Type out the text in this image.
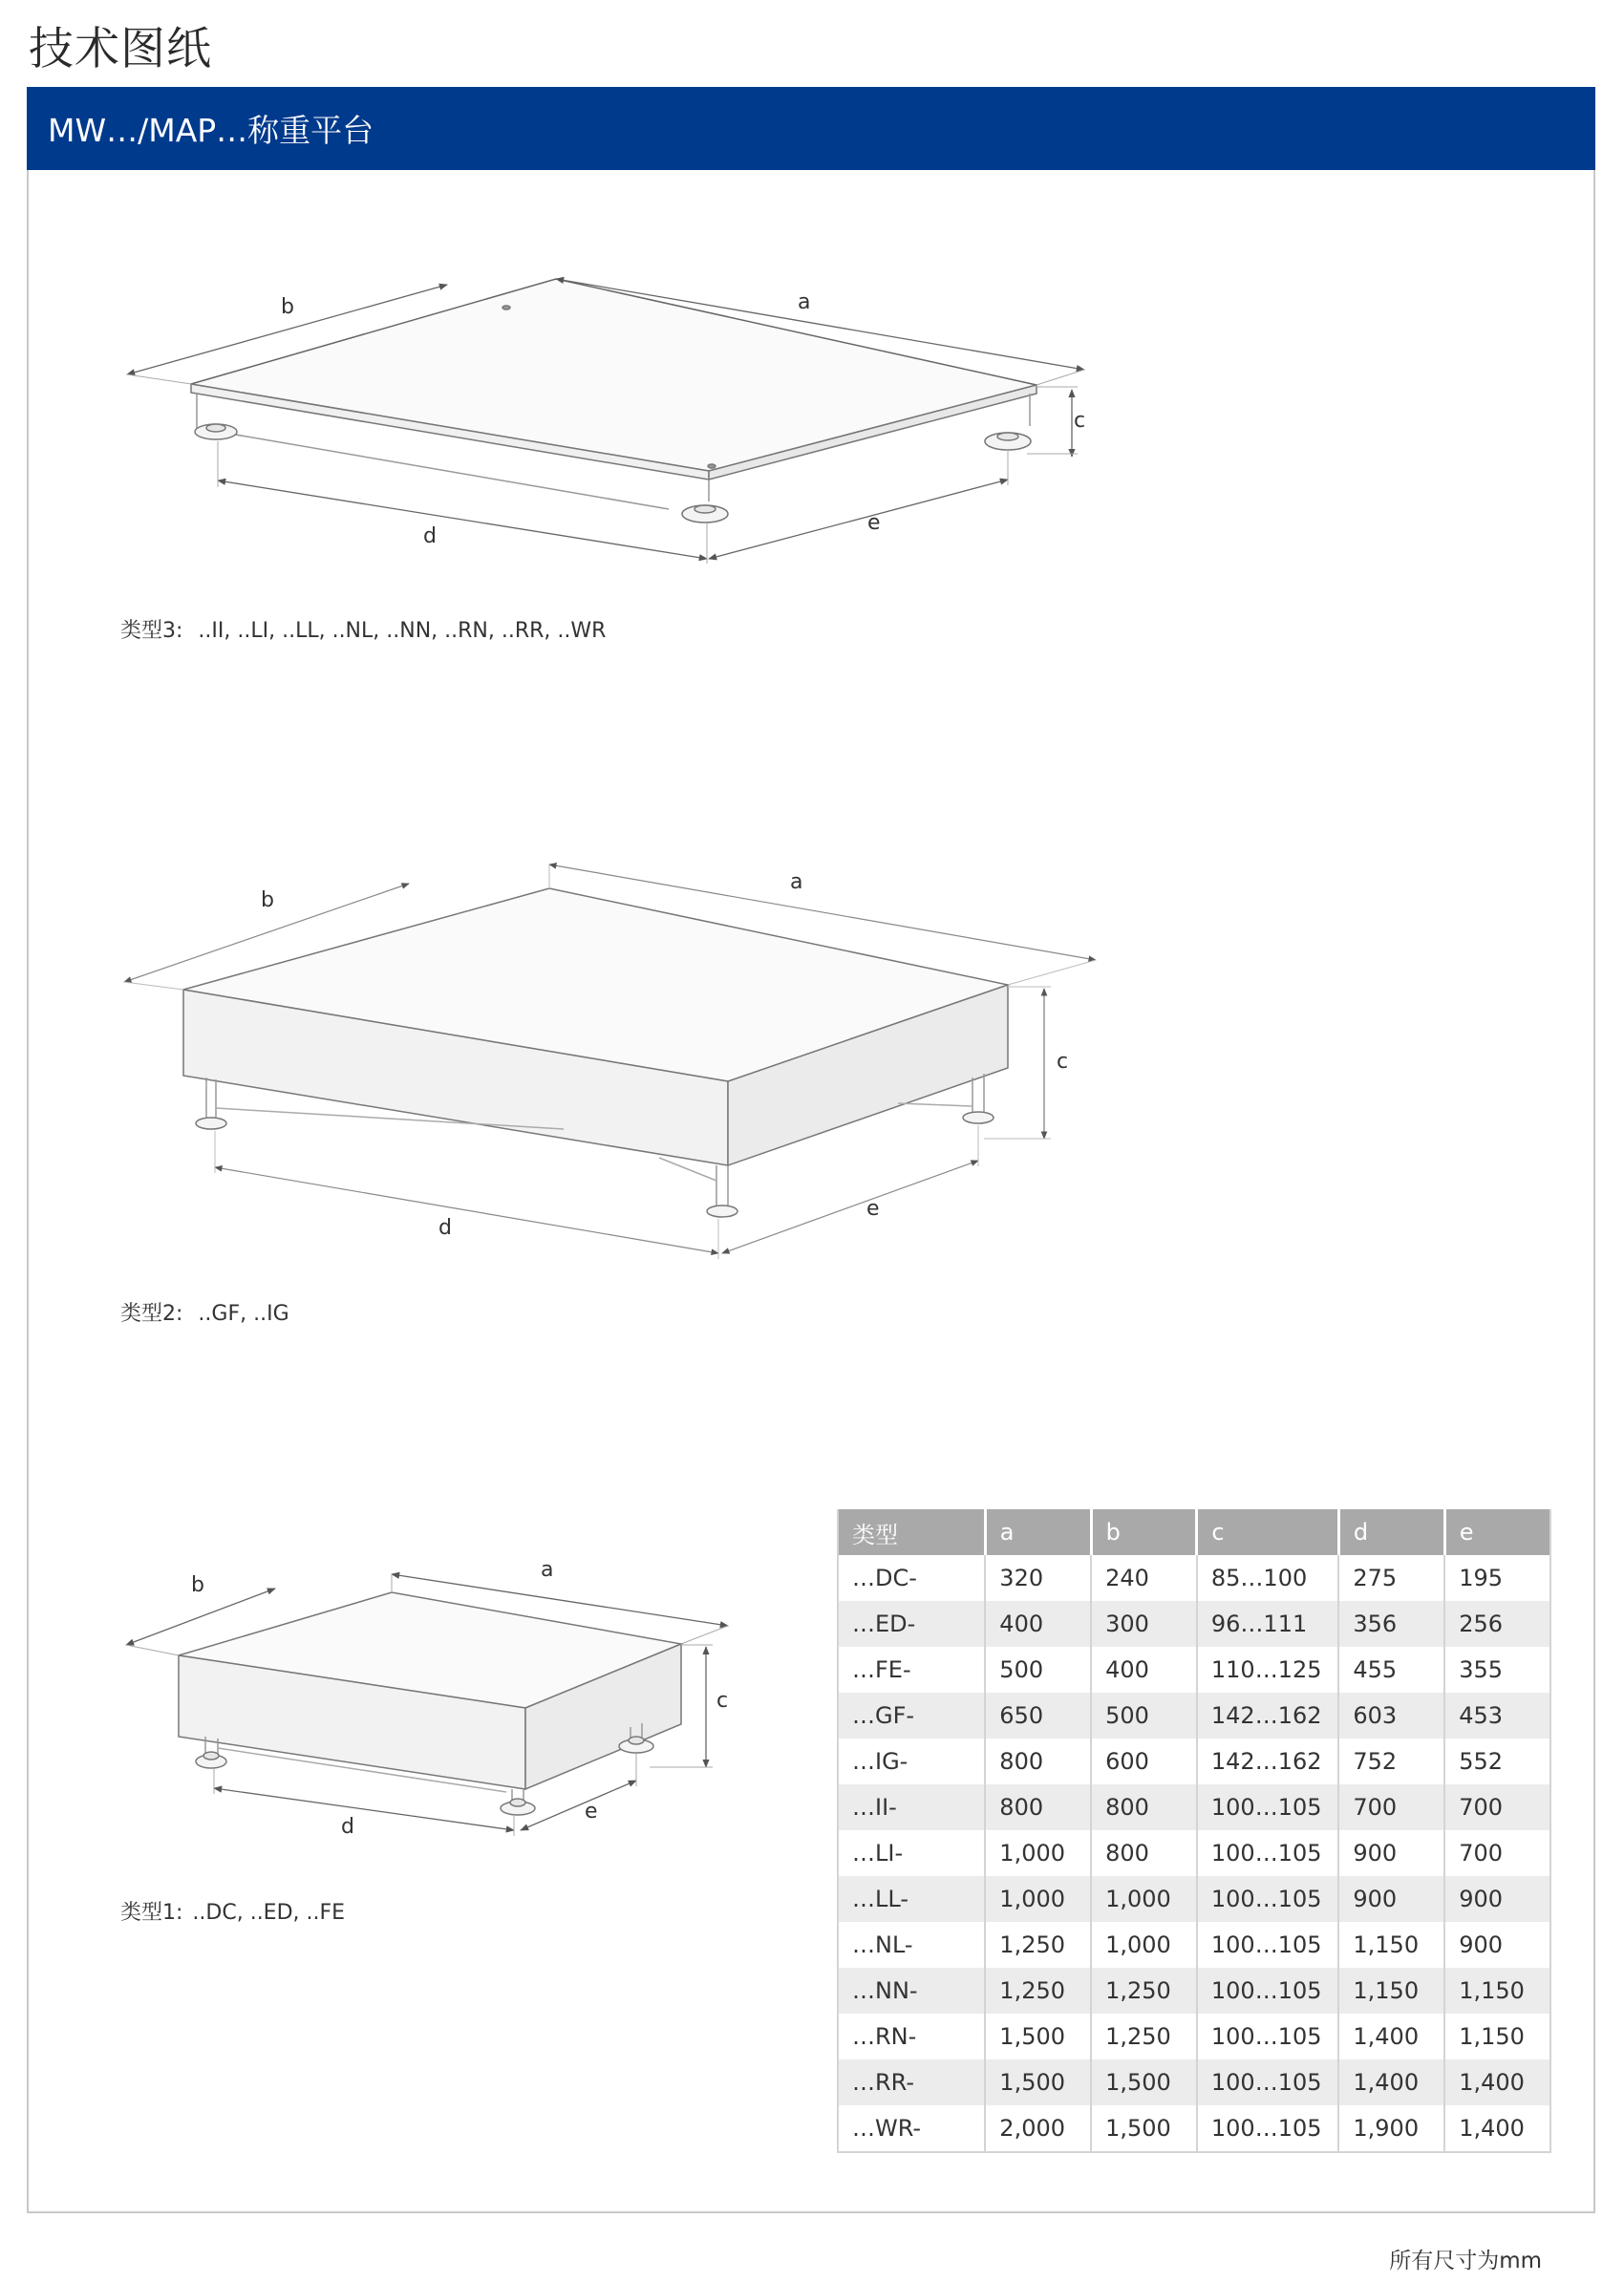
技术图纸
MW…/MAP…称重平台
b	a
c
d
e
b
a
c
d
e
b
a
c
d
e
类型3: ..II, ..LI, ..LL, ..NL, ..NN, ..RN, ..RR, ..WR
类型2: ..GF, ..IG
类型1: ..DC, ..ED, ..FE
类型	a	b	c	d	e
…DC-	320	240	85…100	275	195
…ED-	400	300	96…111	356	256
…FE-	500	400	110…125	455	355
…GF-	650	500	142…162	603	453
…IG-	800	600	142…162	752	552
…II-	800	800	100…105	700	700
…LI-	1,000	800	100…105	900	700
…LL-	1,000	1,000	100…105	900	900
…NL-	1,250	1,000	100…105	1,150	900
…NN-	1,250	1,250	100…105	1,150	1,150
…RN-	1,500	1,250	100…105	1,400	1,150
…RR-	1,500	1,500	100…105	1,400	1,400
…WR-	2,000	1,500	100…105	1,900	1,400
所有尺寸为mm
